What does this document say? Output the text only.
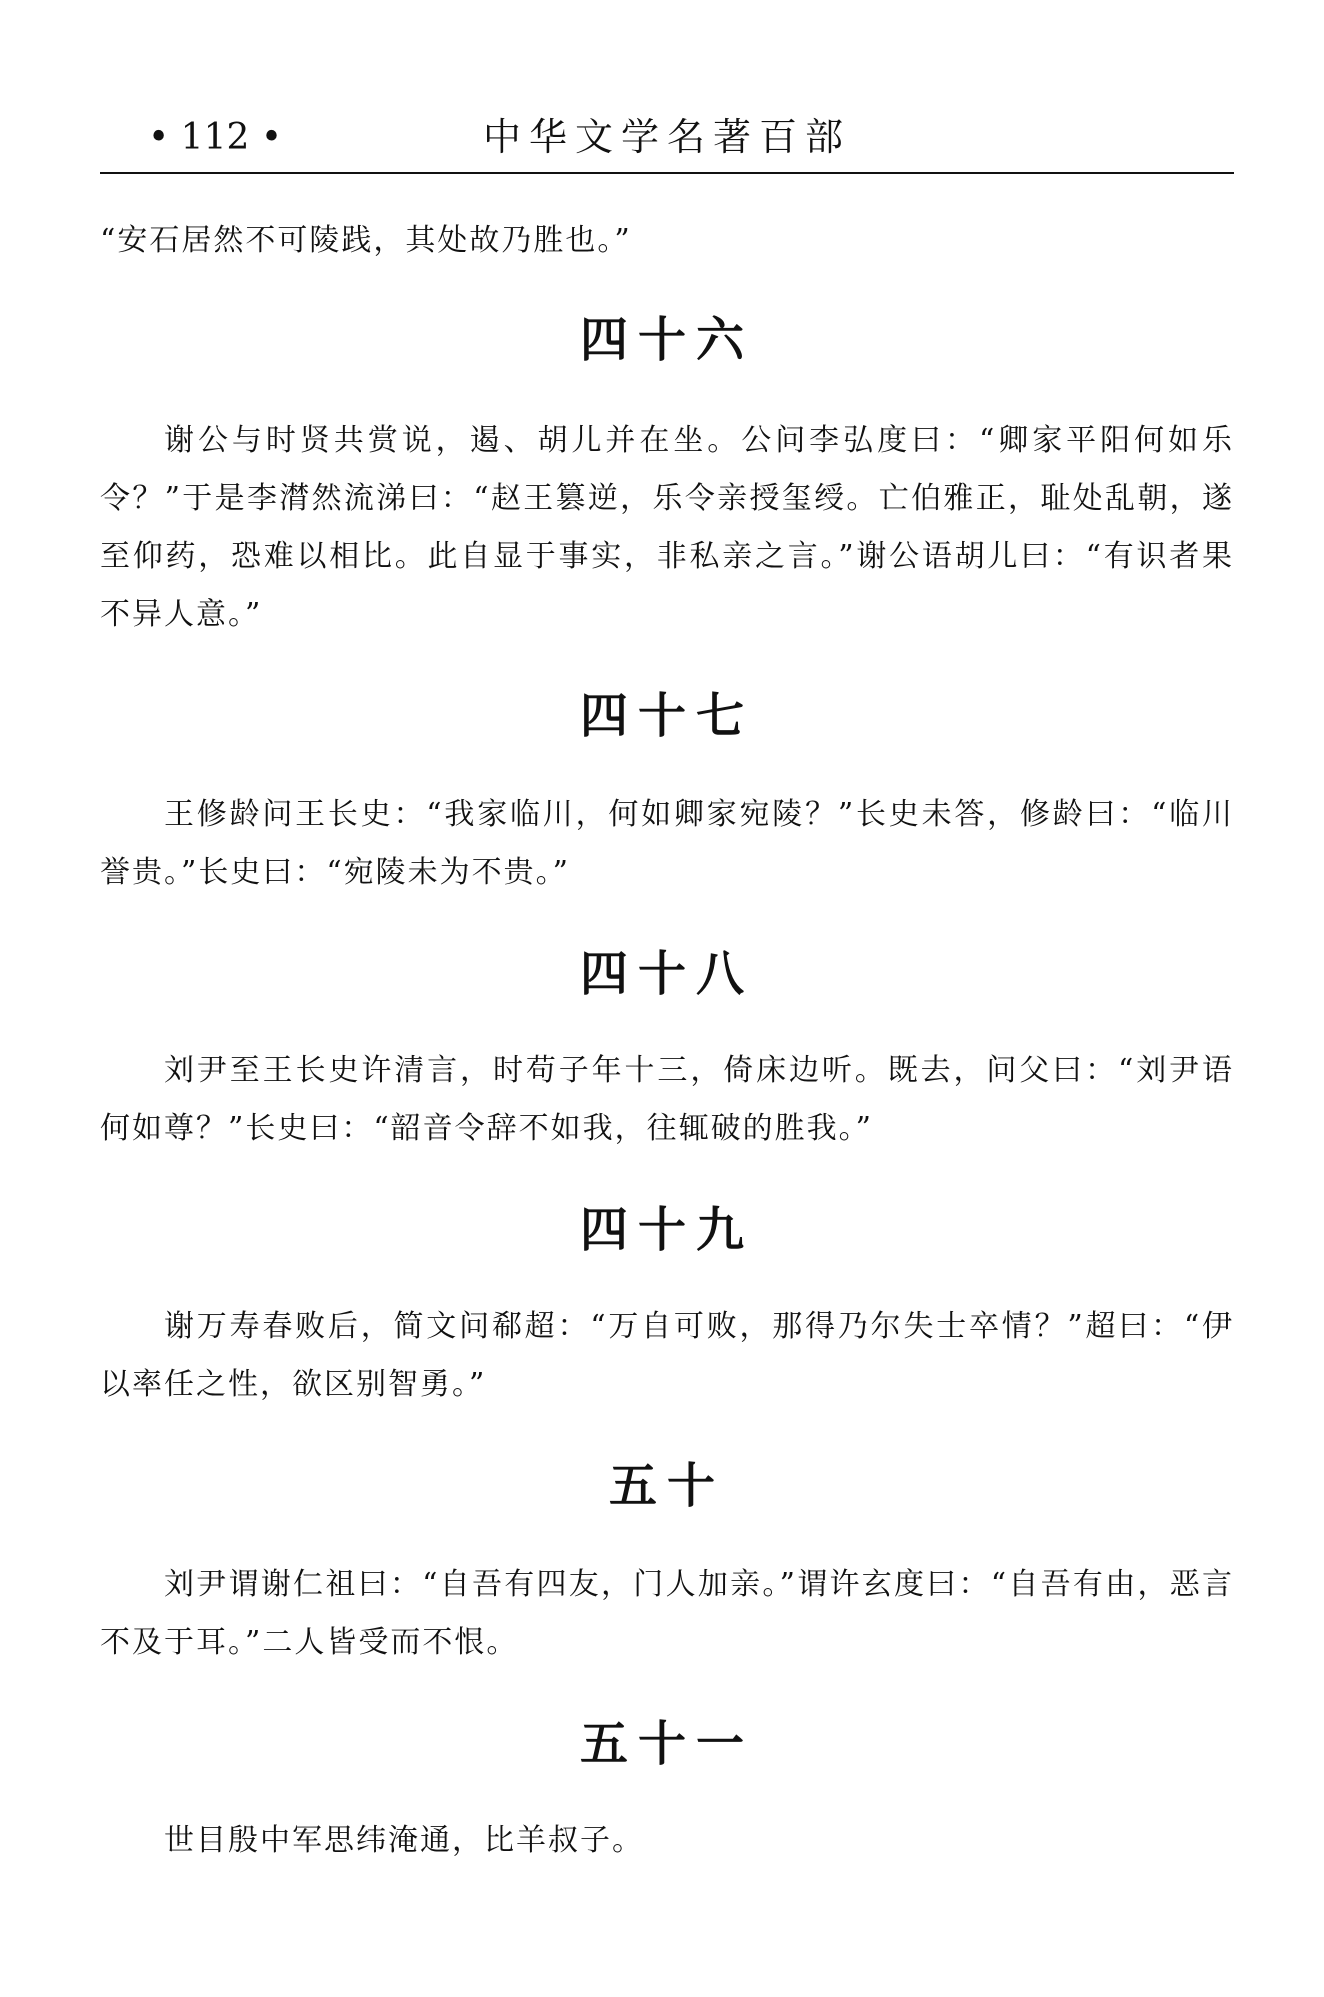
• 112 •	中华文学名著百部

“安石居然不可陵践，其处故乃胜也。”

四十六

谢公与时贤共赏说，遏、胡儿并在坐。公问李弘度曰：“卿家平阳何如乐令？”于是李潸然流涕曰：“赵王篡逆，乐令亲授玺绶。亡伯雅正，耻处乱朝，遂至仰药，恐难以相比。此自显于事实，非私亲之言。”谢公语胡儿曰：“有识者果不异人意。”

四十七

王修龄问王长史：“我家临川，何如卿家宛陵？”长史未答，修龄曰：“临川誉贵。”长史曰：“宛陵未为不贵。”

四十八

刘尹至王长史许清言，时苟子年十三，倚床边听。既去，问父曰：“刘尹语何如尊？”长史曰：“韶音令辞不如我，往辄破的胜我。”

四十九

谢万寿春败后，简文问郗超：“万自可败，那得乃尔失士卒情？”超曰：“伊以率任之性，欲区别智勇。”

五十

刘尹谓谢仁祖曰：“自吾有四友，门人加亲。”谓许玄度曰：“自吾有由，恶言不及于耳。”二人皆受而不恨。

五十一

世目殷中军思纬淹通，比羊叔子。
